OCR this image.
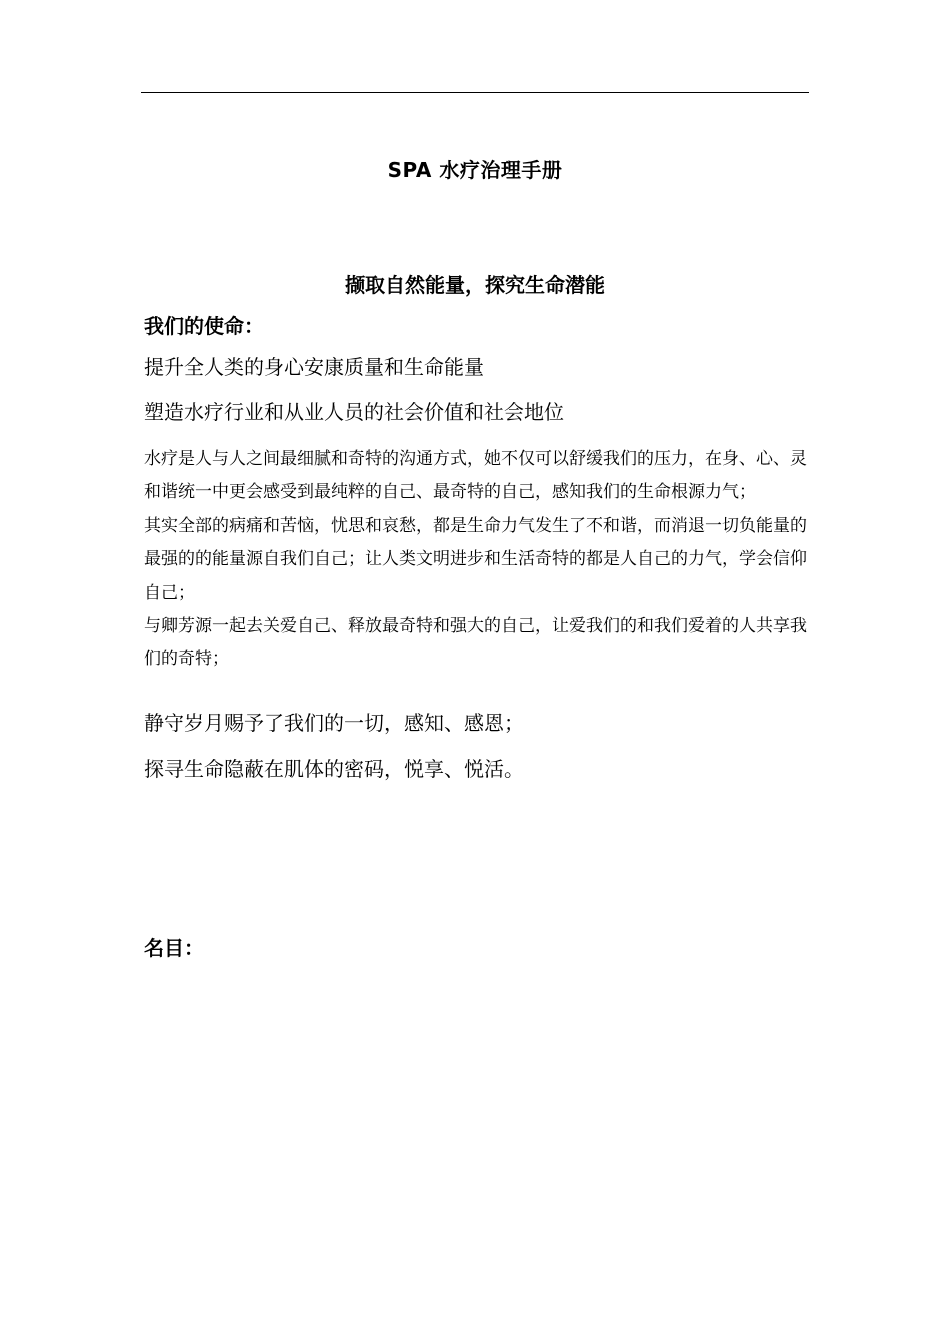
SPA 水疗治理手册
撷取自然能量，探究生命潜能
我们的使命：
提升全人类的身心安康质量和生命能量
塑造水疗行业和从业人员的社会价值和社会地位

水疗是人与人之间最细腻和奇特的沟通方式，她不仅可以舒缓我们的压力，在身、心、灵和谐统一中更会感受到最纯粹的自己、最奇特的自己，感知我们的生命根源力气；

其实全部的病痛和苦恼，忧思和哀愁，都是生命力气发生了不和谐，而消退一切负能量的最强的的能量源自我们自己；让人类文明进步和生活奇特的都是人自己的力气，学会信仰自己；

与卿芳源一起去关爱自己、释放最奇特和强大的自己，让爱我们的和我们爱着的人共享我们的奇特；

静守岁月赐予了我们的一切，感知、感恩；
探寻生命隐蔽在肌体的密码，悦享、悦活。
名目：
